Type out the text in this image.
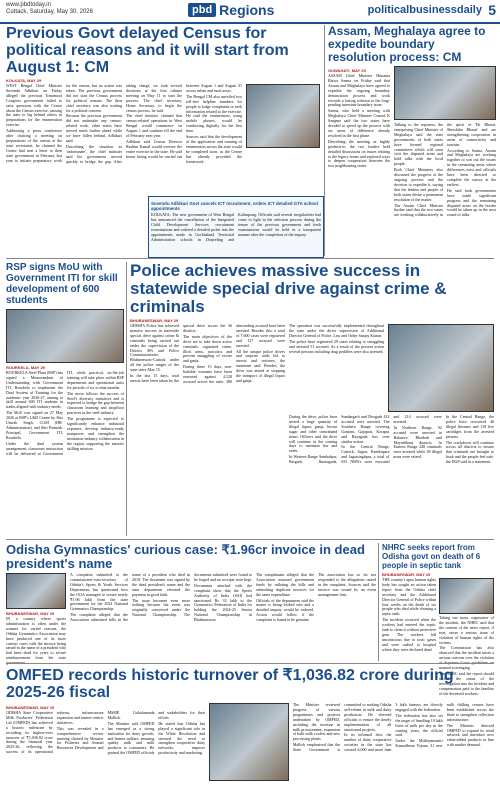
www.pbdtoday.in
Cuttack, Saturday, May 30, 2026	pbd Regions	politicalbusinessdaily 5
Previous Govt delayed Census for political reasons and it will start from August 1: CM
KOLKATA, MAY 29

WEST Bengal Chief Minister Suvendu Adhikari on Friday alleged the previous Trinamool Congress government failed to raise questions with the Centre about the Census exercise, causing the state to lag behind others in preparations for the enumeration exercise.

Addressing a press conference after chairing a meeting on preparations of the census at the state secretariat, he claimed the Centre had sent a letter to then state government in February last year to initiate preparatory work for the census, but no action was taken. The previous government did not start the Census process for political reasons. The then chief secretary was also waiting for a political consent.

Because the previous government did not undertake any census-related work, other states have moved much further ahead while we have fallen behind, Adhikari said.

Describing the situation as 'unfortunate', the chief minister said his government moved quickly to bridge the gap. After taking charge, we took several decisions at the first cabinet meeting on May 11 to start the process. The chief secretary, Home Secretary, to begin the census process, he said.

The chief minister claimed that census-related operations in West Bengal would commence on August 1 and continue till the end of February next year.

Adhikari said Census Director Rashmi Kamal would oversee the entire exercise in the state. He said house listing would be carried out between August 1 and August 31 across urban and rural areas.

The Bengal CM also unveiled two toll-free helpline numbers for people to lodge complaints or seek information related to the exercise. He said the enumerators, using mobile phones, would be conducting digitally for the first time.

Sources said that the development of the application and training of enumerators across the state would be completed soon, as the Centre has already provided the framework.

Suvendu Adhikari Govt cancels ICT recruitment, orders ICT detailed GTA school appointments

KOLKATA: The new government of West Bengal has announced the cancellation of the Integrated Child Development Services recruitment examinations and ordered a detailed probe into the appointments made in Gorkhaland Territorial Administration schools in Darjeeling and Kalimpong. Officials said several irregularities had come to light in the selection process during the tenure of the previous government and fresh examinations would be held in a transparent manner after the completion of the inquiry.

Assam, Meghalaya agree to expedite boundary resolution process: CM
GUWAHATI, MAY 29

ASSAM Chief Minister Himanta Biswa Sarma on Friday said that Assam and Meghalaya have agreed to expedite the ongoing boundary demarcation process and work towards a lasting solution to the long-pending interstate boundary issue.

Sarma, who held a meeting with Meghalaya Chief Minister Conrad K Sangma said the two states have decided to speed up the process with six areas of difference already resolved in the first phase.

Describing the meeting as highly productive, the two leaders held detailed discussions on issues relating to the legacy issues and explored ways to deepen cooperation between the two neighbouring states.

Talking to the reporters, the enterprising Chief Minister of Meghalaya said the state governments of both states have formed regional committees which will soon visit the disputed areas and hold talks with the local people.

Both Chief Ministers also discussed the progress of the ongoing process and the decision to expedite it, saying that the leaders and people of both states desire a permanent resolution of the matter.

The Assam Chief Minister further said that the two states are working collaboratively in the spirit of 'Ek Bharat, Shreshtha Bharat' and are strengthening cooperation in areas of connectivity and tourism.

According to Sarma, Assam and Meghalaya are working together to sort out the issues in the remaining areas where differences exist and officials have been directed to complete the survey at the earliest.

He said both governments have made significant progress and the remaining disputed areas on the border would be taken up in the next round of talks.

RSP signs MoU with Government ITI for skill development of 600 students
ROURKELA, MAY 29

ROURKELA Steel Plant (RSP) has signed a Memorandum of Understanding with Government ITI, Rourkela to implement the Dual System of Training for the academic year 2026-27, aiming to skill around 600 ITI students in trades aligned with industry needs.

The MoU was signed on 27 May 2026 at RSP's L&D Centre by Shri Umesh Singh, CGM (HR-Administration), and Shri Pattnaik, Principal, Government ITI, Rourkela.

Under the dual system arrangement, classroom instruction will be delivered at Government ITI, while practical, on-the-job training will take place within RSP departments and operational units for periods of six to nine months.

The move follows the success of Steel's diversity initiatives and is expected to bridge the gap between classroom learning and shopfloor practices in the steel industry.

The programme is expected to significantly enhance industrial exposure, develop industry-ready manpower and strengthen the institution-industry collaboration in the region, supporting the nation's skilling mission.

Police achieves massive success in statewide special drive against crime & criminals
BHUBANESWAR, MAY 29

ODISHA Police has achieved massive success in statewide special drive against crime & criminals being carried out under the supervision of the District SPs and Police Commissionerate, Bhubaneswar-Cuttack under all the police ranges of the state since May 15.

In the last 15 days, total arrests have been taken by the special drive across the 36 districts.

The main objectives of the drive are to take down active criminals, organised crime, illicit arms, narcotics and prevent smuggling of excise and ganja.

During these 15 days, non-bailable warrants have been executed against 4,528 accused across the state. 380 absconding accused have been arrested. Besides this, a total of 7,600 cases were registered and 127 accused were arrested.

All the unique police drives and surprise raids led to arrests and seizures, the statement said. Besides, the drive was aimed at stopping the transport of illegal liquor and ganja.

The operation was successfully implemented throughout the state under the direct supervision of Additional Director General of Police, Law and Order Sanjay Kumar.

The police have registered 29 cases relating to smuggling and arrested 51 accused. As a result of the present action several persons including drug peddlers were also arrested.

During the drive, police have seized a huge quantity of illegal liquor, ganja, brown sugar and other contraband items. Officers said the drive will continue in the coming days to maintain law and order.

In Western Range Sambalpur, Bargarh, Jharsuguda, Sundargarh and Deogarh 412 accused were arrested. The Southern Range covering Ganjam, Gajapati, Koraput and Rayagada has seen similar action.

In the Central Range, Cuttack, Jajpur, Kendrapara and Jagatsinghpur, a total of 655 NBWs were executed and 214 accused were arrested.

In Northern Range, 92 accused were arrested in Balasore, Bhadrak and Mayurbhanj districts. In Eastern Range 240 criminals were arrested while 38 illegal arms were seized.

In the Central Range, the police have recovered 46 illegal firearms and 118 live cartridges from the arrested persons.

The crackdown will continue across all districts to ensure that criminals are brought to book and the people feel safe, the DGP said in a statement.

Odisha Gymnastics' curious case: ₹1.96cr invoice in dead president's name
BHUBANESWAR, MAY 29

IN a country where sports administration is often under the scanner for varied reasons, the Odisha Gymnastics Association may have produced one of its more curious cases with the invoice being raised in the name of a president who had been dead for years to secure reimbursement from the state

A complaint submitted to the commissioner-cum-secretary of Odisha's Sports & Youth Services Department, has questioned how the OGA managed to secure nearly ₹1.96 lakh from the state government for the 2024 National Gymnastics Championship.

The complaint alleged that the Association submitted bills in the name of a president who died in 2018. The document was signed by the dead president's name and the state department released the payment in good faith.

The issue becomes even more striking because the event was originally conceived under the National Championship. The documents submitted were found to be forged and no receipts were kept.

Documents attached with the complaint show that the Sports Authority of India (SAI) had sanctioned Rs 33 lakh to the Gymnastics Federation of India for holding the 2024-25 Senior National Championship in Bhubaneswar.

The complainant alleged that the Association misused government funds by inflating the bills and submitting duplicate invoices for the same expenditure.

Officials of the department said the matter is being looked into and a detailed inquiry would be ordered. Action would follow if the complaint is found to be genuine.

The association has so far not responded to the allegations raised in the complaint. Sources said the invoice was issued by an event management firm.

NHRC seeks report from Odisha govt on death of 6 people in septic tank
BHUBANESWAR, MAY 29

THE country's apex human rights body has sought an action taken report from the Odisha chief secretary and the Additional Director General of Police within four weeks on the death of six people who died while cleaning a septic tank.

The incident occurred when the workers had entered the septic tank to clean it without protective gear. The workers fell unconscious due to toxic gases and were rushed to hospital where they were declared dead.

Taking suo motu cognisance of the incident, the NHRC said that the content of the news report, if true, raises a serious issue of violation of human rights of the victims.

The Commission has also observed that the incident raises a serious concern over the violation manual scavenging.

The NHRC said the report should include the status of the investigation into the incident and compensation paid to the families of the deceased workers.

OMFED records historic turnover of ₹1,036.82 crore during 2025-26 fiscal
BHUBANESWAR, MAY 29

ODISHA State Cooperative Milk Producers' Federation Ltd (OMFED) has achieved a historic milestone by recording its highest-ever turnover of ₹1,036.82 crore during the financial year 2025-26, reflecting the success of its operational reforms, infrastructure expansion and farmer-centric initiatives.

This was revealed in a comprehensive review meeting chaired by Minister for Fisheries and Animal Resources Development and MSME Gokulananda Mallick.

The Minister said OMFED has emerged as a strong institution for dairy growth, and farmer welfare, ensuring quality milk and milk products to consumers. He praised the OMFED officials and stakeholders for their efforts.

He stated that Odisha has played a significant role in the White Revolution and stressed the need to strengthen cooperative dairy networks, improve productivity and marketing.

The Minister reviewed progress of various programmes and projects undertaken by OMFED, including the increase in milk procurement, expansion of bulk milk coolers and new processing plants.

Mallick emphasised that the State Government is committed to making Odisha self-reliant in milk and dairy production. He directed officials to ensure the timely implementation of all sanctioned projects.

In its informal first, the number of dairy cooperative societies in the state has crossed 6,000 and more than 3 lakh farmers are directly engaged with the federation.

The federation has also set the target of handling 10 lakh litres of milk per day in the coming years, the official said.

Under the Mukhyamantri Kamadhenu Yojana, 31 new milk chilling centres have been established across the State to strengthen collection infrastructure.

The Minister directed OMFED to expand its retail network and introduce new value-added products in line with market demand.
